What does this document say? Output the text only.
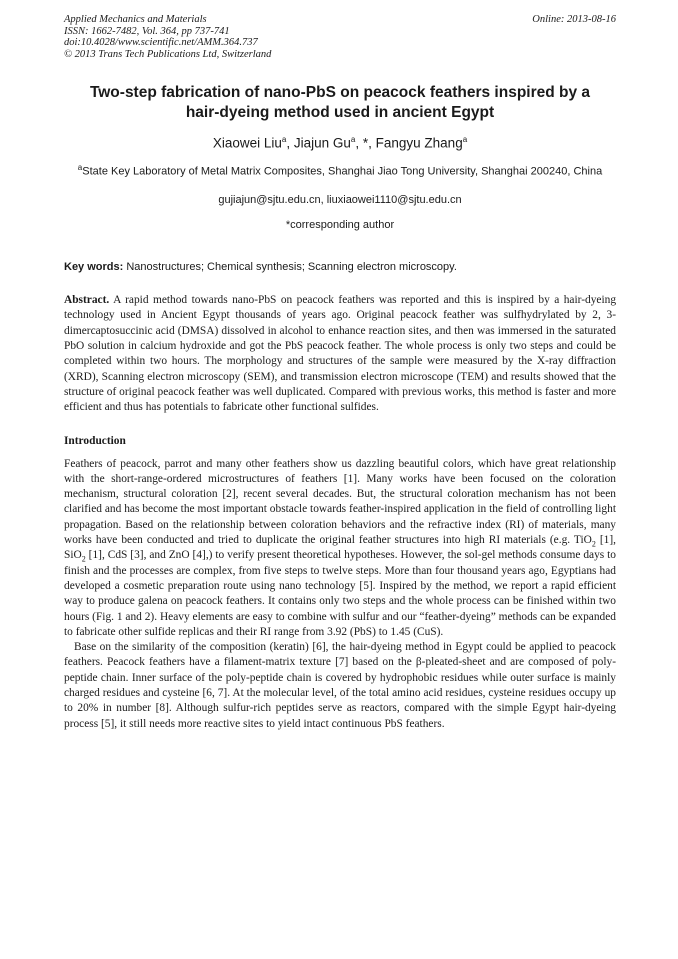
Applied Mechanics and Materials
ISSN: 1662-7482, Vol. 364, pp 737-741
doi:10.4028/www.scientific.net/AMM.364.737
© 2013 Trans Tech Publications Ltd, Switzerland
Online: 2013-08-16
Two-step fabrication of nano-PbS on peacock feathers inspired by a hair-dyeing method used in ancient Egypt
Xiaowei Liu$^a$, Jiajun Gu$^a$, *, Fangyu Zhang$^a$
$^a$State Key Laboratory of Metal Matrix Composites, Shanghai Jiao Tong University, Shanghai 200240, China
gujiajun@sjtu.edu.cn, liuxiaowei1110@sjtu.edu.cn
*corresponding author
Key words: Nanostructures; Chemical synthesis; Scanning electron microscopy.

Abstract. A rapid method towards nano-PbS on peacock feathers was reported and this is inspired by a hair-dyeing technology used in Ancient Egypt thousands of years ago. Original peacock feather was sulfhydrylated by 2, 3-dimercaptosuccinic acid (DMSA) dissolved in alcohol to enhance reaction sites, and then was immersed in the saturated PbO solution in calcium hydroxide and got the PbS peacock feather. The whole process is only two steps and could be completed within two hours. The morphology and structures of the sample were measured by the X-ray diffraction (XRD), Scanning electron microscopy (SEM), and transmission electron microscope (TEM) and results showed that the structure of original peacock feather was well duplicated. Compared with previous works, this method is faster and more efficient and thus has potentials to fabricate other functional sulfides.

Introduction

Feathers of peacock, parrot and many other feathers show us dazzling beautiful colors, which have great relationship with the short-range-ordered microstructures of feathers [1]. Many works have been focused on the coloration mechanism, structural coloration [2], recent several decades. But, the structural coloration mechanism has not been clarified and has become the most important obstacle towards feather-inspired application in the field of controlling light propagation. Based on the relationship between coloration behaviors and the refractive index (RI) of materials, many works have been conducted and tried to duplicate the original feather structures into high RI materials (e.g. TiO$_2$ [1], SiO$_2$ [1], CdS [3], and ZnO [4],) to verify present theoretical hypotheses. However, the sol-gel methods consume days to finish and the processes are complex, from five steps to twelve steps. More than four thousand years ago, Egyptians had developed a cosmetic preparation route using nano technology [5]. Inspired by the method, we report a rapid efficient way to produce galena on peacock feathers. It contains only two steps and the whole process can be finished within two hours (Fig. 1 and 2). Heavy elements are easy to combine with sulfur and our “feather-dyeing” methods can be expanded to fabricate other sulfide replicas and their RI range from 3.92 (PbS) to 1.45 (CuS).

Base on the similarity of the composition (keratin) [6], the hair-dyeing method in Egypt could be applied to peacock feathers. Peacock feathers have a filament-matrix texture [7] based on the β-pleated-sheet and are composed of poly-peptide chain. Inner surface of the poly-peptide chain is covered by hydrophobic residues while outer surface is mainly charged residues and cysteine [6, 7]. At the molecular level, of the total amino acid residues, cysteine residues occupy up to 20% in number [8]. Although sulfur-rich peptides serve as reactors, compared with the simple Egypt hair-dyeing process [5], it still needs more reactive sites to yield intact continuous PbS feathers.
